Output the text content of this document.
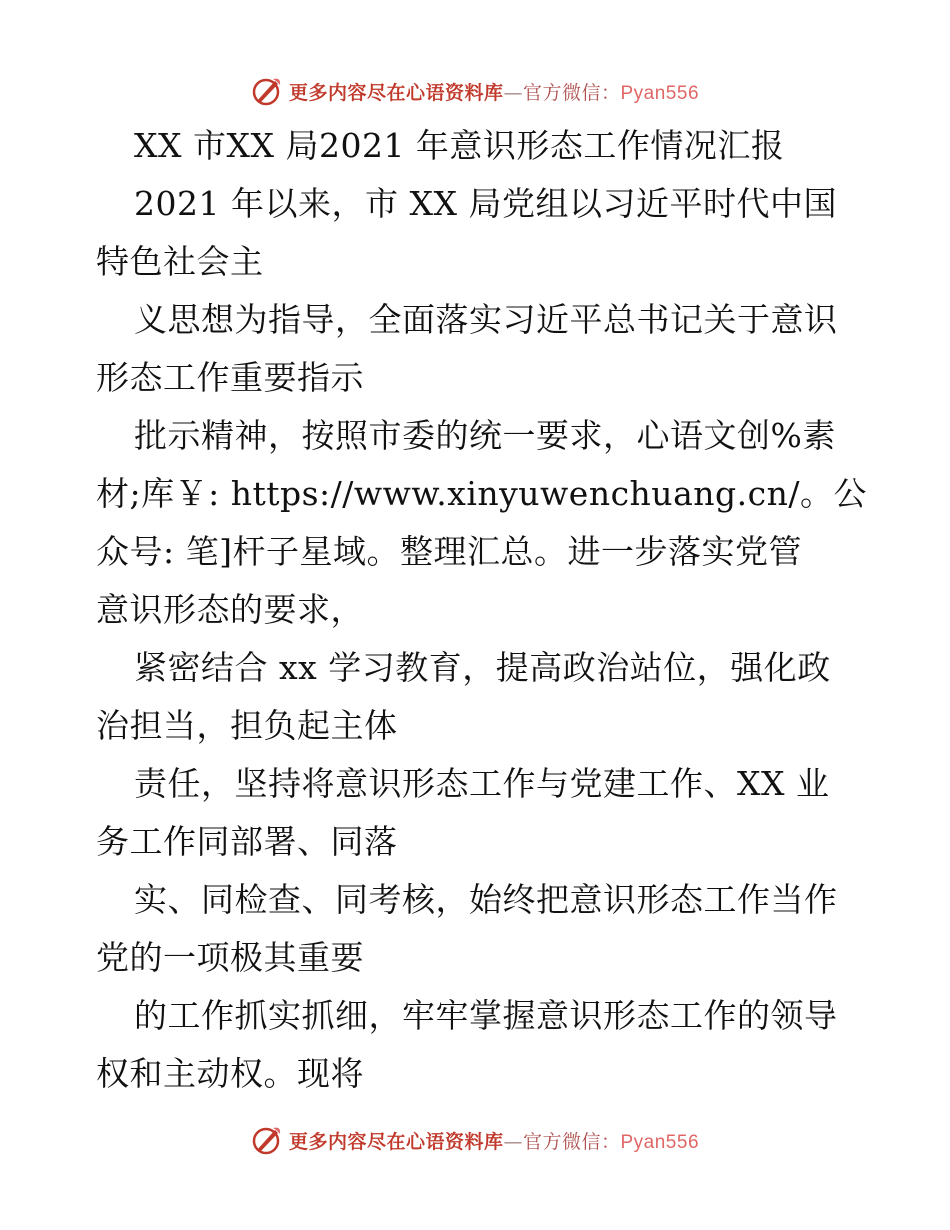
更多内容尽在心语资料库—官方微信：Pyan556
XX 市XX 局2021 年意识形态工作情况汇报
2021 年以来，市 XX 局党组以习近平时代中国
特色社会主
义思想为指导，全面落实习近平总书记关于意识
形态工作重要指示
批示精神，按照市委的统一要求，心语文创%素
材;库￥: https://www.xinyuwenchuang.cn/。公
众号: 笔]杆子星域。整理汇总。进一步落实党管
意识形态的要求，
紧密结合 xx 学习教育，提高政治站位，强化政
治担当，担负起主体
责任，坚持将意识形态工作与党建工作、XX 业
务工作同部署、同落
实、同检查、同考核，始终把意识形态工作当作
党的一项极其重要
的工作抓实抓细，牢牢掌握意识形态工作的领导
权和主动权。现将
更多内容尽在心语资料库—官方微信：Pyan556
